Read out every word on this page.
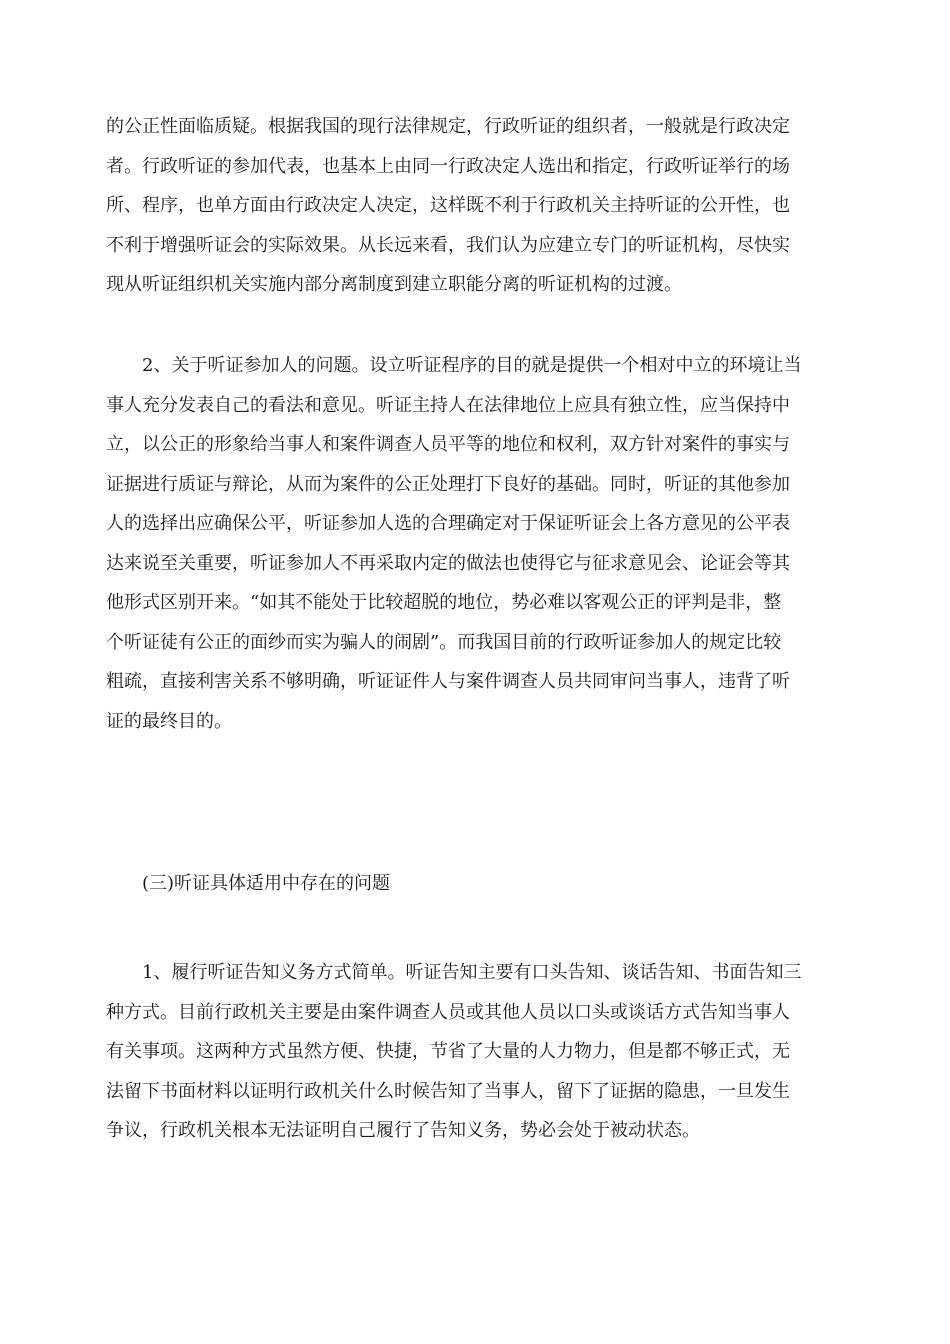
的公正性面临质疑。根据我国的现行法律规定，行政听证的组织者，一般就是行政决定
者。行政听证的参加代表，也基本上由同一行政决定人选出和指定，行政听证举行的场
所、程序，也单方面由行政决定人决定，这样既不利于行政机关主持听证的公开性，也
不利于增强听证会的实际效果。从长远来看，我们认为应建立专门的听证机构，尽快实
现从听证组织机关实施内部分离制度到建立职能分离的听证机构的过渡。

2、关于听证参加人的问题。设立听证程序的目的就是提供一个相对中立的环境让当
事人充分发表自己的看法和意见。听证主持人在法律地位上应具有独立性，应当保持中
立，以公正的形象给当事人和案件调查人员平等的地位和权利，双方针对案件的事实与
证据进行质证与辩论，从而为案件的公正处理打下良好的基础。同时，听证的其他参加
人的选择出应确保公平，听证参加人选的合理确定对于保证听证会上各方意见的公平表
达来说至关重要，听证参加人不再采取内定的做法也使得它与征求意见会、论证会等其
他形式区别开来。“如其不能处于比较超脱的地位，势必难以客观公正的评判是非，整
个听证徒有公正的面纱而实为骗人的闹剧”。而我国目前的行政听证参加人的规定比较
粗疏，直接利害关系不够明确，听证证件人与案件调查人员共同审问当事人，违背了听
证的最终目的。

(三)听证具体适用中存在的问题

1、履行听证告知义务方式简单。听证告知主要有口头告知、谈话告知、书面告知三
种方式。目前行政机关主要是由案件调查人员或其他人员以口头或谈话方式告知当事人
有关事项。这两种方式虽然方便、快捷，节省了大量的人力物力，但是都不够正式，无
法留下书面材料以证明行政机关什么时候告知了当事人，留下了证据的隐患，一旦发生
争议，行政机关根本无法证明自己履行了告知义务，势必会处于被动状态。
